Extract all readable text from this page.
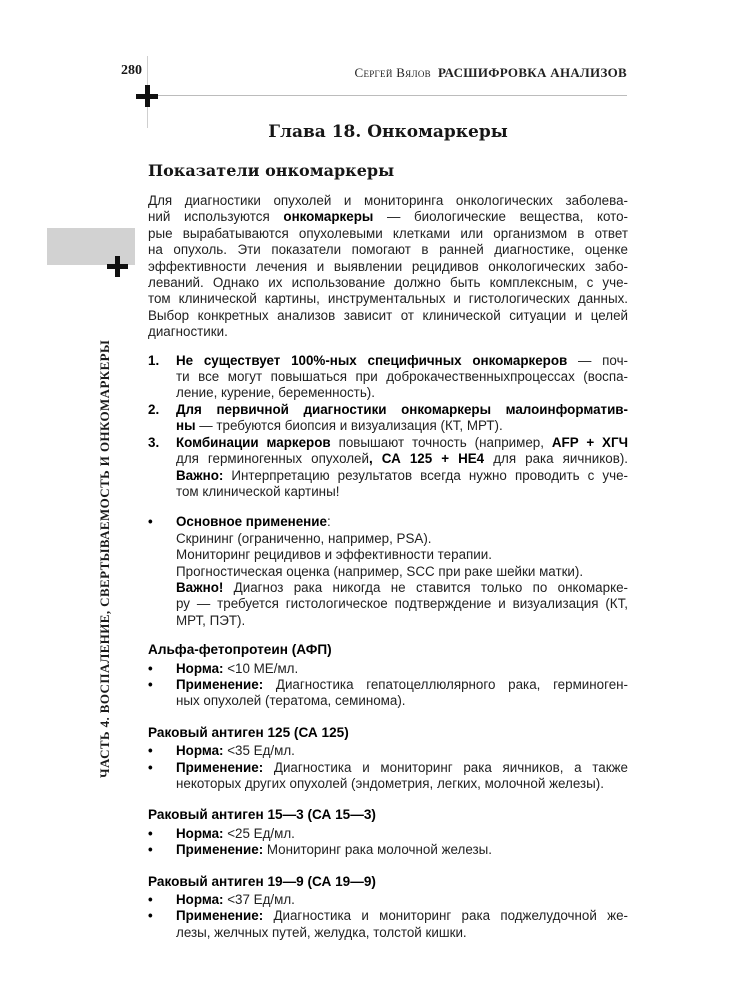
280	Сергей Вялов РАСШИФРОВКА АНАЛИЗОВ
ЧАСТЬ 4. ВОСПАЛЕНИЕ, СВЕРТЫВАЕМОСТЬ И ОНКОМАРКЕРЫ
Глава 18. Онкомаркеры
Показатели онкомаркеры
Для диагностики опухолей и мониторинга онкологических заболева-
ний используются онкомаркеры — биологические вещества, кото-
рые вырабатываются опухолевыми клетками или организмом в ответ
на опухоль. Эти показатели помогают в ранней диагностике, оценке
эффективности лечения и выявлении рецидивов онкологических забо-
леваний. Однако их использование должно быть комплексным, с уче-
том клинической картины, инструментальных и гистологических данных.
Выбор конкретных анализов зависит от клинической ситуации и целей
диагностики.
1.	Не существует 100%-ных специфичных онкомаркеров — поч-
ти все могут повышаться при доброкачественныхпроцессах (воспа-
ление, курение, беременность).
2.	Для первичной диагностики онкомаркеры малоинформатив-
ны — требуются биопсия и визуализация (КТ, МРТ).
3.	Комбинации маркеров повышают точность (например, AFP + ХГЧ
для герминогенных опухолей, СА 125 + НЕ4 для рака яичников).
Важно: Интерпретацию результатов всегда нужно проводить с уче-
том клинической картины!
•	Основное применение:
Скрининг (ограниченно, например, PSA).
Мониторинг рецидивов и эффективности терапии.
Прогностическая оценка (например, SCC при раке шейки матки).
Важно! Диагноз рака никогда не ставится только по онкомарке-
ру — требуется гистологическое подтверждение и визуализация (КТ,
МРТ, ПЭТ).
Альфа-фетопротеин (АФП)
•	Норма: <10 МЕ/мл.
•	Применение: Диагностика гепатоцеллюлярного рака, герминоген-
ных опухолей (тератома, семинома).
Раковый антиген 125 (СА 125)
•	Норма: <35 Ед/мл.
•	Применение: Диагностика и мониторинг рака яичников, а также
некоторых других опухолей (эндометрия, легких, молочной железы).
Раковый антиген 15—3 (СА 15—3)
•	Норма: <25 Ед/мл.
•	Применение: Мониторинг рака молочной железы.
Раковый антиген 19—9 (СА 19—9)
•	Норма: <37 Ед/мл.
•	Применение: Диагностика и мониторинг рака поджелудочной же-
лезы, желчных путей, желудка, толстой кишки.
